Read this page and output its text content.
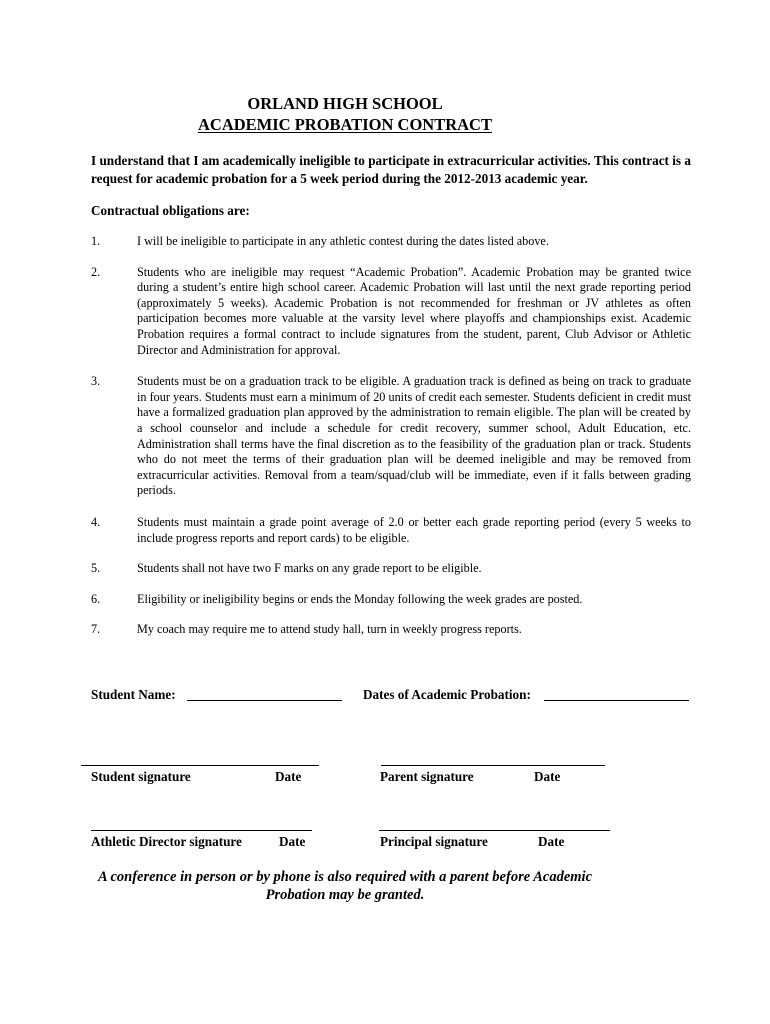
ORLAND HIGH SCHOOL
ACADEMIC PROBATION CONTRACT

I understand that I am academically ineligible to participate in extracurricular activities. This contract is a request for academic probation for a 5 week period during the 2012-2013 academic year.

Contractual obligations are:

1.	I will be ineligible to participate in any athletic contest during the dates listed above.
2.	Students who are ineligible may request “Academic Probation”. Academic Probation may be granted twice during a student’s entire high school career. Academic Probation will last until the next grade reporting period (approximately 5 weeks). Academic Probation is not recommended for freshman or JV athletes as often participation becomes more valuable at the varsity level where playoffs and championships exist. Academic Probation requires a formal contract to include signatures from the student, parent, Club Advisor or Athletic Director and Administration for approval.
3.	Students must be on a graduation track to be eligible. A graduation track is defined as being on track to graduate in four years. Students must earn a minimum of 20 units of credit each semester. Students deficient in credit must have a formalized graduation plan approved by the administration to remain eligible. The plan will be created by a school counselor and include a schedule for credit recovery, summer school, Adult Education, etc. Administration shall terms have the final discretion as to the feasibility of the graduation plan or track. Students who do not meet the terms of their graduation plan will be deemed ineligible and may be removed from extracurricular activities. Removal from a team/squad/club will be immediate, even if it falls between grading periods.
4.	Students must maintain a grade point average of 2.0 or better each grade reporting period (every 5 weeks to include progress reports and report cards) to be eligible.
5.	Students shall not have two F marks on any grade report to be eligible.
6.	Eligibility or ineligibility begins or ends the Monday following the week grades are posted.
7.	My coach may require me to attend study hall, turn in weekly progress reports.
Student Name:	Dates of Academic Probation:
Student signature	Date	Parent signature	Date
Athletic Director signature	Date	Principal signature	Date

A conference in person or by phone is also required with a parent before Academic Probation may be granted.
